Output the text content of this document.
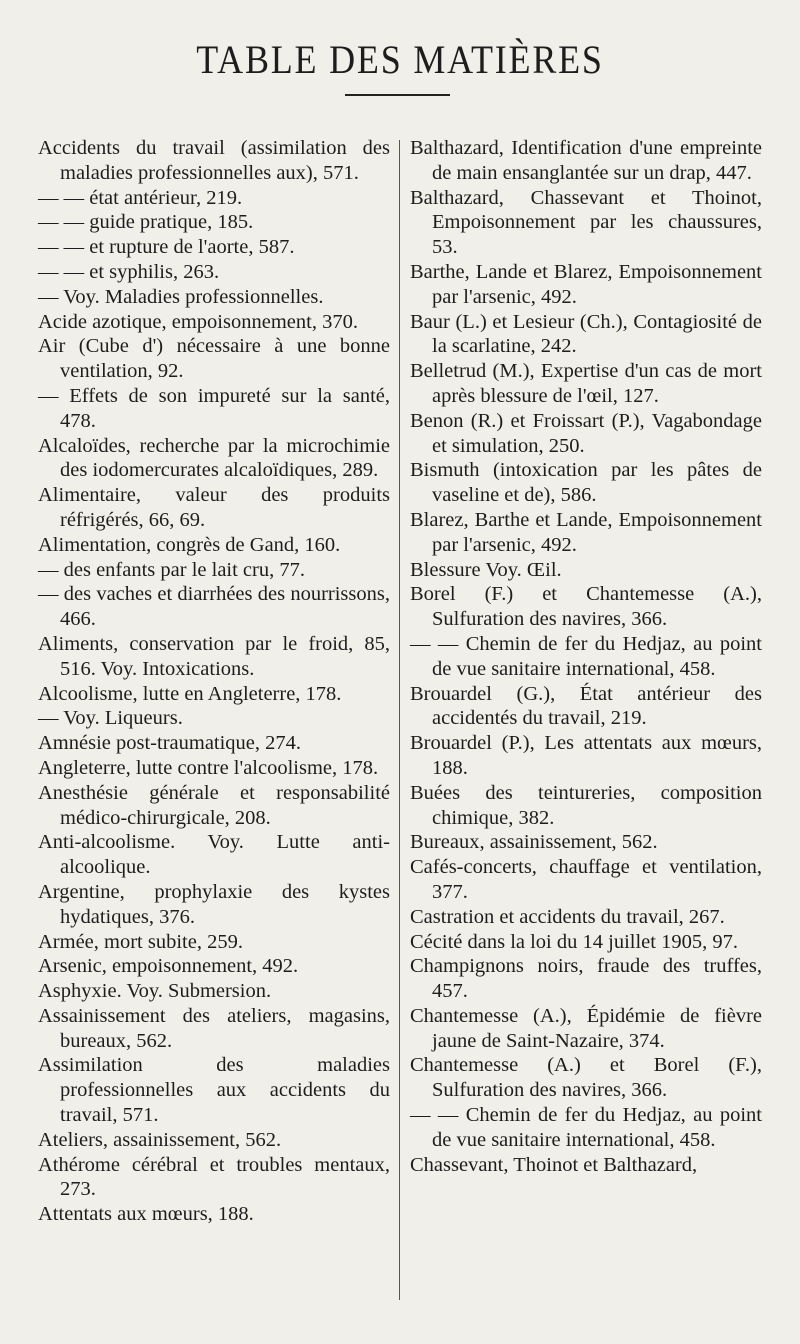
TABLE DES MATIÈRES
Accidents du travail (assimilation des maladies professionnelles aux), 571.
— — état antérieur, 219.
— — guide pratique, 185.
— — et rupture de l'aorte, 587.
— — et syphilis, 263.
— Voy. Maladies professionnelles.
Acide azotique, empoisonnement, 370.
Air (Cube d') nécessaire à une bonne ventilation, 92.
— Effets de son impureté sur la santé, 478.
Alcaloïdes, recherche par la microchimie des iodomercurates alcaloïdiques, 289.
Alimentaire, valeur des produits réfrigérés, 66, 69.
Alimentation, congrès de Gand, 160.
— des enfants par le lait cru, 77.
— des vaches et diarrhées des nourrissons, 466.
Aliments, conservation par le froid, 85, 516. Voy. Intoxications.
Alcoolisme, lutte en Angleterre, 178.
— Voy. Liqueurs.
Amnésie post-traumatique, 274.
Angleterre, lutte contre l'alcoolisme, 178.
Anesthésie générale et responsabilité médico-chirurgicale, 208.
Anti-alcoolisme. Voy. Lutte anti-alcoolique.
Argentine, prophylaxie des kystes hydatiques, 376.
Armée, mort subite, 259.
Arsenic, empoisonnement, 492.
Asphyxie. Voy. Submersion.
Assainissement des ateliers, magasins, bureaux, 562.
Assimilation des maladies professionnelles aux accidents du travail, 571.
Ateliers, assainissement, 562.
Athérome cérébral et troubles mentaux, 273.
Attentats aux mœurs, 188.
Balthazard, Identification d'une empreinte de main ensanglantée sur un drap, 447.
Balthazard, Chassevant et Thoinot, Empoisonnement par les chaussures, 53.
Barthe, Lande et Blarez, Empoisonnement par l'arsenic, 492.
Baur (L.) et Lesieur (Ch.), Contagiosité de la scarlatine, 242.
Belletrud (M.), Expertise d'un cas de mort après blessure de l'œil, 127.
Benon (R.) et Froissart (P.), Vagabondage et simulation, 250.
Bismuth (intoxication par les pâtes de vaseline et de), 586.
Blarez, Barthe et Lande, Empoisonnement par l'arsenic, 492.
Blessure Voy. Œil.
Borel (F.) et Chantemesse (A.), Sulfuration des navires, 366.
— — Chemin de fer du Hedjaz, au point de vue sanitaire international, 458.
Brouardel (G.), État antérieur des accidentés du travail, 219.
Brouardel (P.), Les attentats aux mœurs, 188.
Buées des teintureries, composition chimique, 382.
Bureaux, assainissement, 562.
Cafés-concerts, chauffage et ventilation, 377.
Castration et accidents du travail, 267.
Cécité dans la loi du 14 juillet 1905, 97.
Champignons noirs, fraude des truffes, 457.
Chantemesse (A.), Épidémie de fièvre jaune de Saint-Nazaire, 374.
Chantemesse (A.) et Borel (F.), Sulfuration des navires, 366.
— — Chemin de fer du Hedjaz, au point de vue sanitaire international, 458.
Chassevant, Thoinot et Balthazard,
